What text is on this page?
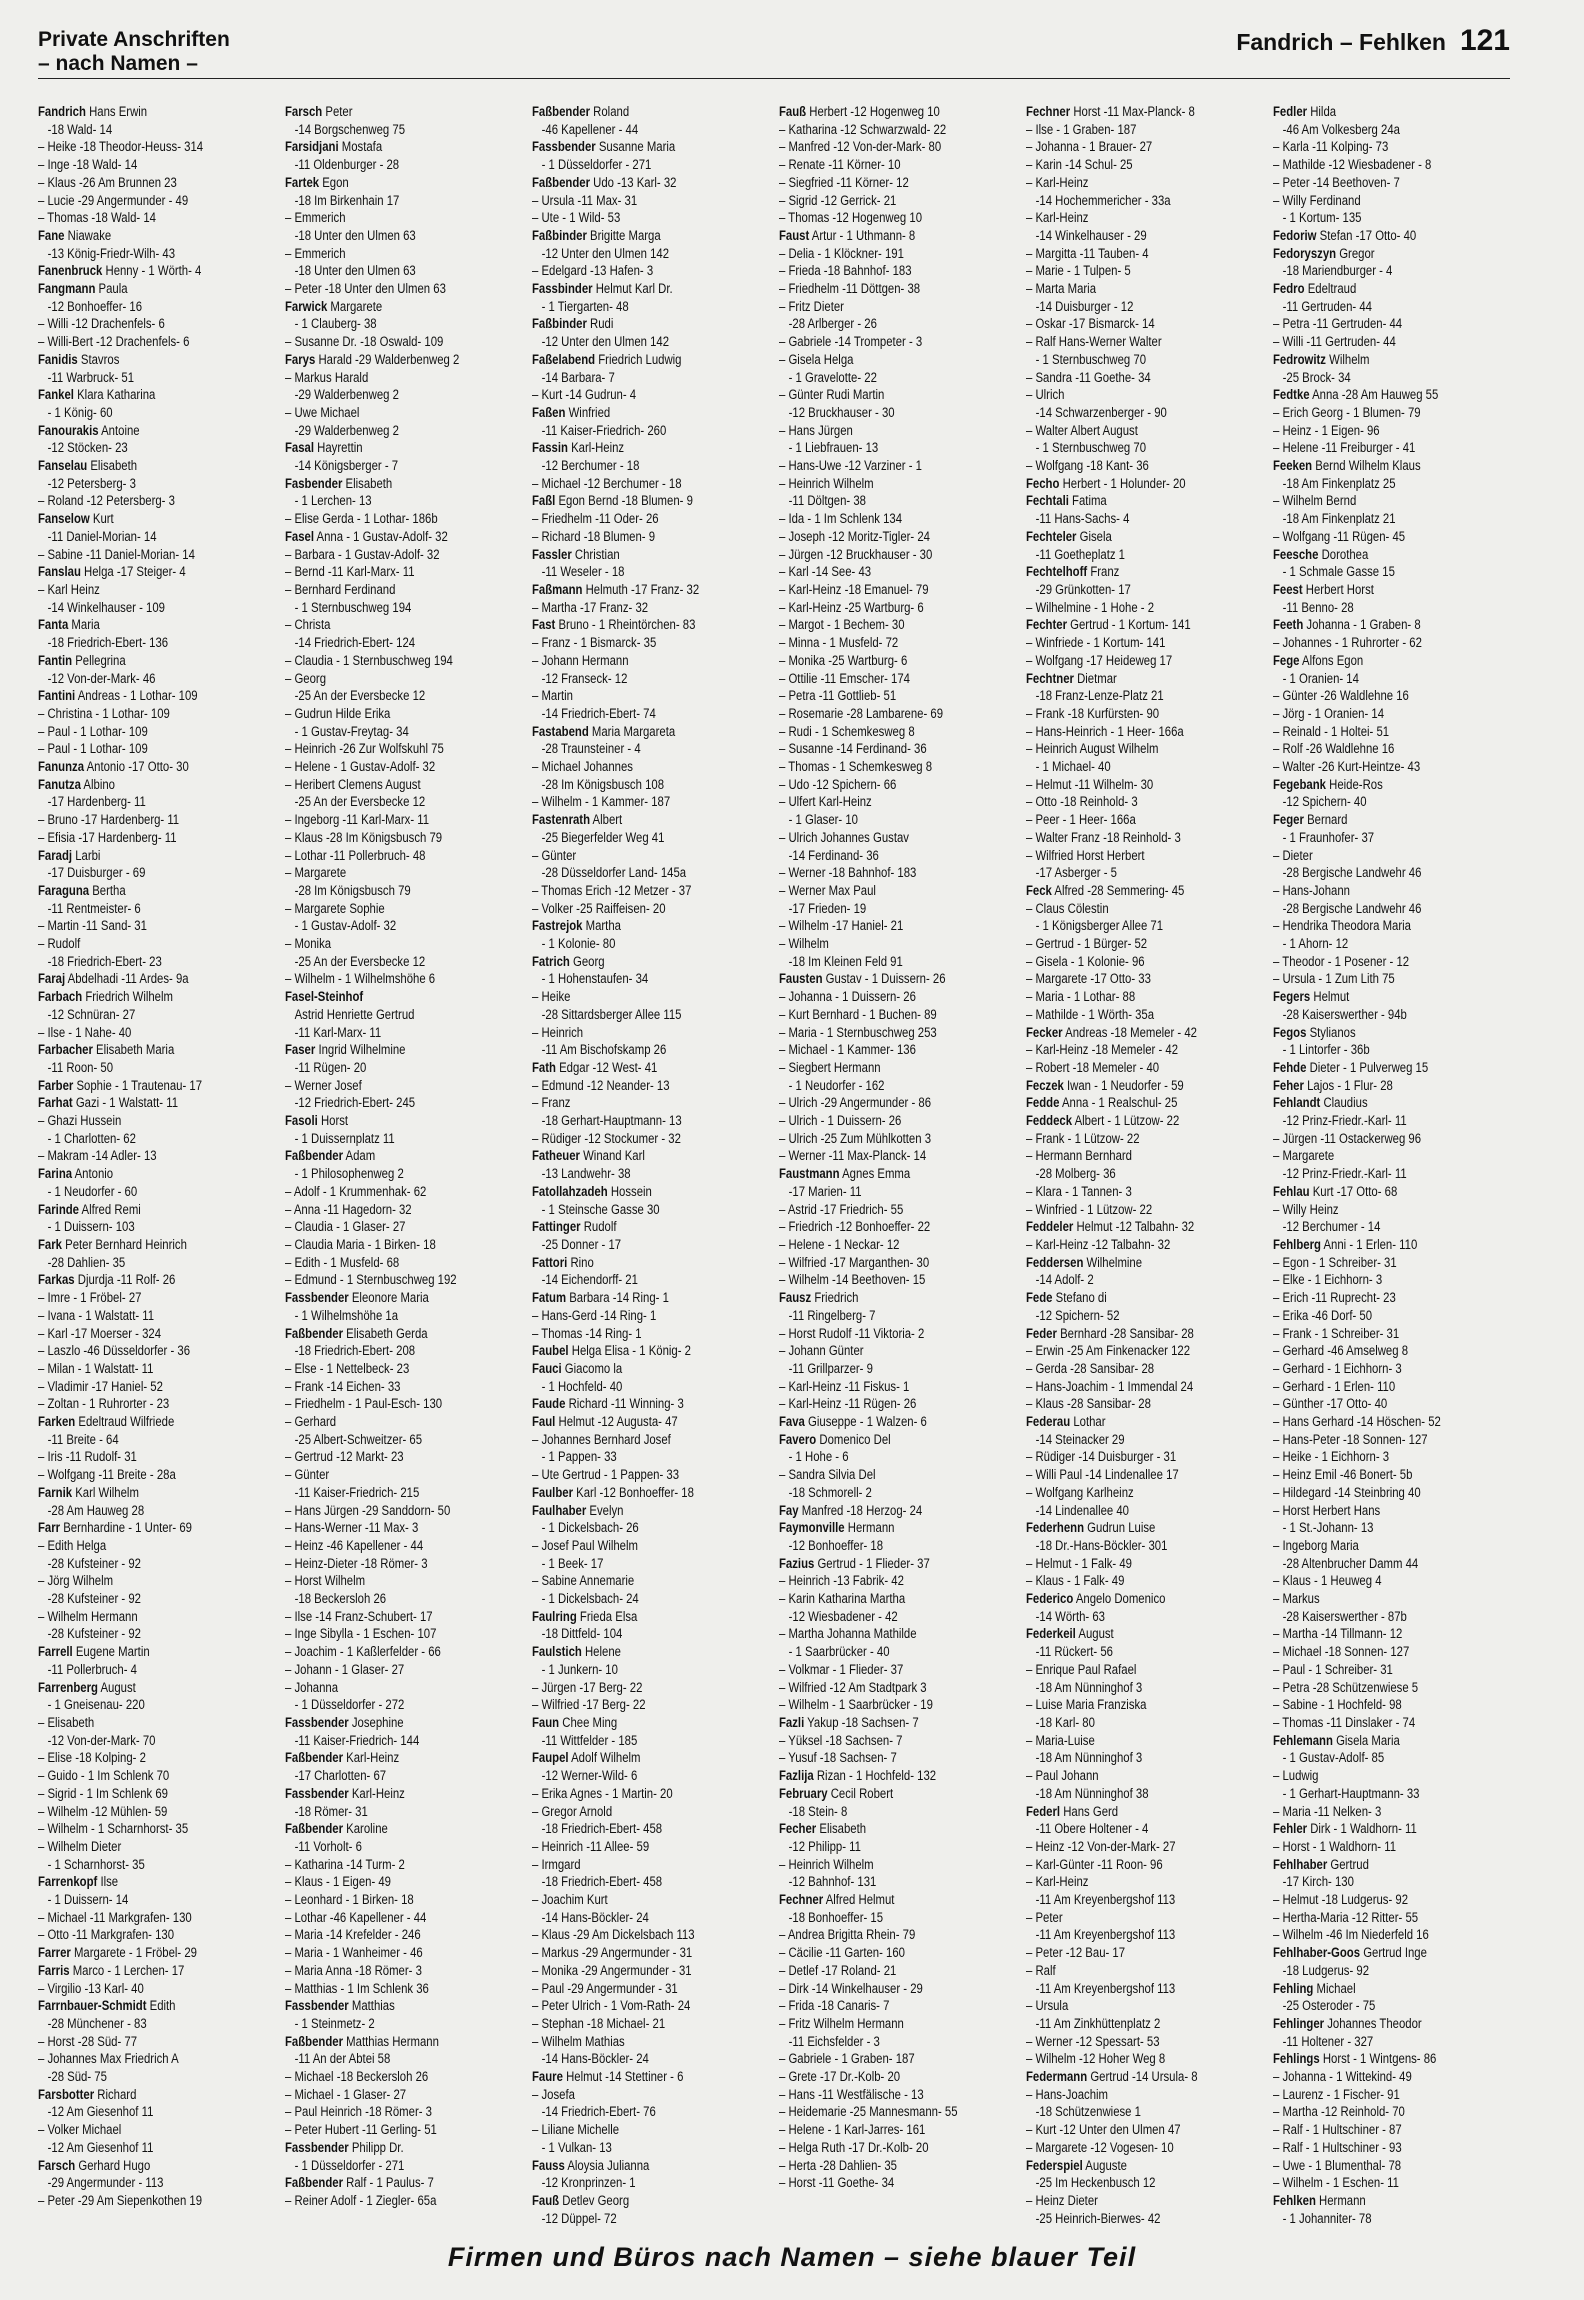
Private Anschriften
– nach Namen –
Fandrich – Fehlken 121
Fandrich Hans Erwin
-18 Wald- 14
– Heike -18 Theodor-Heuss- 314
– Inge -18 Wald- 14
– Klaus -26 Am Brunnen 23
– Lucie -29 Angermunder - 49
– Thomas -18 Wald- 14
Fane Niawake
-13 König-Friedr-Wilh- 43
Fanenbruck Henny - 1 Wörth- 4
Fangmann Paula
-12 Bonhoeffer- 16
– Willi -12 Drachenfels- 6
– Willi-Bert -12 Drachenfels- 6
Fanidis Stavros
-11 Warbruck- 51
Fankel Klara Katharina
- 1 König- 60
Fanourakis Antoine
-12 Stöcken- 23
Fanselau Elisabeth
-12 Petersberg- 3
– Roland -12 Petersberg- 3
Fanselow Kurt
-11 Daniel-Morian- 14
– Sabine -11 Daniel-Morian- 14
Fanslau Helga -17 Steiger- 4
– Karl Heinz
-14 Winkelhauser - 109
Fanta Maria
-18 Friedrich-Ebert- 136
Fantin Pellegrina
-12 Von-der-Mark- 46
Fantini Andreas - 1 Lothar- 109
– Christina - 1 Lothar- 109
– Paul - 1 Lothar- 109
– Paul - 1 Lothar- 109
Fanunza Antonio -17 Otto- 30
Fanutza Albino
-17 Hardenberg- 11
– Bruno -17 Hardenberg- 11
– Efisia -17 Hardenberg- 11
Faradj Larbi
-17 Duisburger - 69
Faraguna Bertha
-11 Rentmeister- 6
– Martin -11 Sand- 31
– Rudolf
-18 Friedrich-Ebert- 23
Faraj Abdelhadi -11 Ardes- 9a
Farbach Friedrich Wilhelm
-12 Schnüran- 27
– Ilse - 1 Nahe- 40
Farbacher Elisabeth Maria
-11 Roon- 50
Farber Sophie - 1 Trautenau- 17
Farhat Gazi - 1 Walstatt- 11
– Ghazi Hussein
- 1 Charlotten- 62
– Makram -14 Adler- 13
Farina Antonio
- 1 Neudorfer - 60
Farinde Alfred Remi
- 1 Duissern- 103
Fark Peter Bernhard Heinrich
-28 Dahlien- 35
Farkas Djurdja -11 Rolf- 26
– Imre - 1 Fröbel- 27
– Ivana - 1 Walstatt- 11
– Karl -17 Moerser - 324
– Laszlo -46 Düsseldorfer - 36
– Milan - 1 Walstatt- 11
– Vladimir -17 Haniel- 52
– Zoltan - 1 Ruhrorter - 23
Farken Edeltraud Wilfriede
-11 Breite - 64
– Iris -11 Rudolf- 31
– Wolfgang -11 Breite - 28a
Farnik Karl Wilhelm
-28 Am Hauweg 28
Farr Bernhardine - 1 Unter- 69
– Edith Helga
-28 Kufsteiner - 92
– Jörg Wilhelm
-28 Kufsteiner - 92
– Wilhelm Hermann
-28 Kufsteiner - 92
Farrell Eugene Martin
-11 Pollerbruch- 4
Farrenberg August
- 1 Gneisenau- 220
– Elisabeth
-12 Von-der-Mark- 70
– Elise -18 Kolping- 2
– Guido - 1 Im Schlenk 70
– Sigrid - 1 Im Schlenk 69
– Wilhelm -12 Mühlen- 59
– Wilhelm - 1 Scharnhorst- 35
– Wilhelm Dieter
- 1 Scharnhorst- 35
Farrenkopf Ilse
- 1 Duissern- 14
– Michael -11 Markgrafen- 130
– Otto -11 Markgrafen- 130
Farrer Margarete - 1 Fröbel- 29
Farris Marco - 1 Lerchen- 17
– Virgilio -13 Karl- 40
Farrnbauer-Schmidt Edith
-28 Münchener - 83
– Horst -28 Süd- 77
– Johannes Max Friedrich A
-28 Süd- 75
Farsbotter Richard
-12 Am Giesenhof 11
– Volker Michael
-12 Am Giesenhof 11
Farsch Gerhard Hugo
-29 Angermunder - 113
– Peter -29 Am Siepenkothen 19
Farsch Peter
-14 Borgschenweg 75
Farsidjani Mostafa
-11 Oldenburger - 28
Fartek Egon
-18 Im Birkenhain 17
– Emmerich
-18 Unter den Ulmen 63
– Emmerich
-18 Unter den Ulmen 63
– Peter -18 Unter den Ulmen 63
Farwick Margarete
- 1 Clauberg- 38
– Susanne Dr. -18 Oswald- 109
Farys Harald -29 Walderbenweg 2
– Markus Harald
-29 Walderbenweg 2
– Uwe Michael
-29 Walderbenweg 2
Fasal Hayrettin
-14 Königsberger - 7
Fasbender Elisabeth
- 1 Lerchen- 13
– Elise Gerda - 1 Lothar- 186b
Fasel Anna - 1 Gustav-Adolf- 32
– Barbara - 1 Gustav-Adolf- 32
– Bernd -11 Karl-Marx- 11
– Bernhard Ferdinand
- 1 Sternbuschweg 194
– Christa
-14 Friedrich-Ebert- 124
– Claudia - 1 Sternbuschweg 194
– Georg
-25 An der Eversbecke 12
– Gudrun Hilde Erika
- 1 Gustav-Freytag- 34
– Heinrich -26 Zur Wolfskuhl 75
– Helene - 1 Gustav-Adolf- 32
– Heribert Clemens August
-25 An der Eversbecke 12
– Ingeborg -11 Karl-Marx- 11
– Klaus -28 Im Königsbusch 79
– Lothar -11 Pollerbruch- 48
– Margarete
-28 Im Königsbusch 79
– Margarete Sophie
- 1 Gustav-Adolf- 32
– Monika
-25 An der Eversbecke 12
– Wilhelm - 1 Wilhelmshöhe 6
Fasel-Steinhof
Astrid Henriette Gertrud
-11 Karl-Marx- 11
Faser Ingrid Wilhelmine
-11 Rügen- 20
– Werner Josef
-12 Friedrich-Ebert- 245
Fasoli Horst
- 1 Duissernplatz 11
Faßbender Adam
- 1 Philosophenweg 2
– Adolf - 1 Krummenhak- 62
– Anna -11 Hagedorn- 32
– Claudia - 1 Glaser- 27
– Claudia Maria - 1 Birken- 18
– Edith - 1 Musfeld- 68
– Edmund - 1 Sternbuschweg 192
Fassbender Eleonore Maria
- 1 Wilhelmshöhe 1a
Faßbender Elisabeth Gerda
-18 Friedrich-Ebert- 208
– Else - 1 Nettelbeck- 23
– Frank -14 Eichen- 33
– Friedhelm - 1 Paul-Esch- 130
– Gerhard
-25 Albert-Schweitzer- 65
– Gertrud -12 Markt- 23
– Günter
-11 Kaiser-Friedrich- 215
– Hans Jürgen -29 Sanddorn- 50
– Hans-Werner -11 Max- 3
– Heinz -46 Kapellener - 44
– Heinz-Dieter -18 Römer- 3
– Horst Wilhelm
-18 Beckersloh 26
– Ilse -14 Franz-Schubert- 17
– Inge Sibylla - 1 Eschen- 107
– Joachim - 1 Kaßlerfelder - 66
– Johann - 1 Glaser- 27
– Johanna
- 1 Düsseldorfer - 272
Fassbender Josephine
-11 Kaiser-Friedrich- 144
Faßbender Karl-Heinz
-17 Charlotten- 67
Fassbender Karl-Heinz
-18 Römer- 31
Faßbender Karoline
-11 Vorholt- 6
– Katharina -14 Turm- 2
– Klaus - 1 Eigen- 49
– Leonhard - 1 Birken- 18
– Lothar -46 Kapellener - 44
– Maria -14 Krefelder - 246
– Maria - 1 Wanheimer - 46
– Maria Anna -18 Römer- 3
– Matthias - 1 Im Schlenk 36
Fassbender Matthias
- 1 Steinmetz- 2
Faßbender Matthias Hermann
-11 An der Abtei 58
– Michael -18 Beckersloh 26
– Michael - 1 Glaser- 27
– Paul Heinrich -18 Römer- 3
– Peter Hubert -11 Gerling- 51
Fassbender Philipp Dr.
- 1 Düsseldorfer - 271
Faßbender Ralf - 1 Paulus- 7
– Reiner Adolf - 1 Ziegler- 65a
Faßbender Roland
-46 Kapellener - 44
Fassbender Susanne Maria
- 1 Düsseldorfer - 271
Faßbender Udo -13 Karl- 32
– Ursula -11 Max- 31
– Ute - 1 Wild- 53
Faßbinder Brigitte Marga
-12 Unter den Ulmen 142
– Edelgard -13 Hafen- 3
Fassbinder Helmut Karl Dr.
- 1 Tiergarten- 48
Faßbinder Rudi
-12 Unter den Ulmen 142
Faßelabend Friedrich Ludwig
-14 Barbara- 7
– Kurt -14 Gudrun- 4
Faßen Winfried
-11 Kaiser-Friedrich- 260
Fassin Karl-Heinz
-12 Berchumer - 18
– Michael -12 Berchumer - 18
Faßl Egon Bernd -18 Blumen- 9
– Friedhelm -11 Oder- 26
– Richard -18 Blumen- 9
Fassler Christian
-11 Weseler - 18
Faßmann Helmuth -17 Franz- 32
– Martha -17 Franz- 32
Fast Bruno - 1 Rheintörchen- 83
– Franz - 1 Bismarck- 35
– Johann Hermann
-12 Franseck- 12
– Martin
-14 Friedrich-Ebert- 74
Fastabend Maria Margareta
-28 Traunsteiner - 4
– Michael Johannes
-28 Im Königsbusch 108
– Wilhelm - 1 Kammer- 187
Fastenrath Albert
-25 Biegerfelder Weg 41
– Günter
-28 Düsseldorfer Land- 145a
– Thomas Erich -12 Metzer - 37
– Volker -25 Raiffeisen- 20
Fastrejok Martha
- 1 Kolonie- 80
Fatrich Georg
- 1 Hohenstaufen- 34
– Heike
-28 Sittardsberger Allee 115
– Heinrich
-11 Am Bischofskamp 26
Fath Edgar -12 West- 41
– Edmund -12 Neander- 13
– Franz
-18 Gerhart-Hauptmann- 13
– Rüdiger -12 Stockumer - 32
Fatheuer Winand Karl
-13 Landwehr- 38
Fatollahzadeh Hossein
- 1 Steinsche Gasse 30
Fattinger Rudolf
-25 Donner - 17
Fattori Rino
-14 Eichendorff- 21
Fatum Barbara -14 Ring- 1
– Hans-Gerd -14 Ring- 1
– Thomas -14 Ring- 1
Faubel Helga Elisa - 1 König- 2
Fauci Giacomo la
- 1 Hochfeld- 40
Faude Richard -11 Winning- 3
Faul Helmut -12 Augusta- 47
– Johannes Bernhard Josef
- 1 Pappen- 33
– Ute Gertrud - 1 Pappen- 33
Faulber Karl -12 Bonhoeffer- 18
Faulhaber Evelyn
- 1 Dickelsbach- 26
– Josef Paul Wilhelm
- 1 Beek- 17
– Sabine Annemarie
- 1 Dickelsbach- 24
Faulring Frieda Elsa
-18 Dittfeld- 104
Faulstich Helene
- 1 Junkern- 10
– Jürgen -17 Berg- 22
– Wilfried -17 Berg- 22
Faun Chee Ming
-11 Wittfelder - 185
Faupel Adolf Wilhelm
-12 Werner-Wild- 6
– Erika Agnes - 1 Martin- 20
– Gregor Arnold
-18 Friedrich-Ebert- 458
– Heinrich -11 Allee- 59
– Irmgard
-18 Friedrich-Ebert- 458
– Joachim Kurt
-14 Hans-Böckler- 24
– Klaus -29 Am Dickelsbach 113
– Markus -29 Angermunder - 31
– Monika -29 Angermunder - 31
– Paul -29 Angermunder - 31
– Peter Ulrich - 1 Vom-Rath- 24
– Stephan -18 Michael- 21
– Wilhelm Mathias
-14 Hans-Böckler- 24
Faure Helmut -14 Stettiner - 6
– Josefa
-14 Friedrich-Ebert- 76
– Liliane Michelle
- 1 Vulkan- 13
Fauss Aloysia Julianna
-12 Kronprinzen- 1
Fauß Detlev Georg
-12 Düppel- 72
Fauß Herbert -12 Hogenweg 10
– Katharina -12 Schwarzwald- 22
– Manfred -12 Von-der-Mark- 80
– Renate -11 Körner- 10
– Siegfried -11 Körner- 12
– Sigrid -12 Gerrick- 21
– Thomas -12 Hogenweg 10
Faust Artur - 1 Uthmann- 8
– Delia - 1 Klöckner- 191
– Frieda -18 Bahnhof- 183
– Friedhelm -11 Döttgen- 38
– Fritz Dieter
-28 Arlberger - 26
– Gabriele -14 Trompeter - 3
– Gisela Helga
- 1 Gravelotte- 22
– Günter Rudi Martin
-12 Bruckhauser - 30
– Hans Jürgen
- 1 Liebfrauen- 13
– Hans-Uwe -12 Varziner - 1
– Heinrich Wilhelm
-11 Döltgen- 38
– Ida - 1 Im Schlenk 134
– Joseph -12 Moritz-Tigler- 24
– Jürgen -12 Bruckhauser - 30
– Karl -14 See- 43
– Karl-Heinz -18 Emanuel- 79
– Karl-Heinz -25 Wartburg- 6
– Margot - 1 Bechem- 30
– Minna - 1 Musfeld- 72
– Monika -25 Wartburg- 6
– Ottilie -11 Emscher- 174
– Petra -11 Gottlieb- 51
– Rosemarie -28 Lambarene- 69
– Rudi - 1 Schemkesweg 8
– Susanne -14 Ferdinand- 36
– Thomas - 1 Schemkesweg 8
– Udo -12 Spichern- 66
– Ulfert Karl-Heinz
- 1 Glaser- 10
– Ulrich Johannes Gustav
-14 Ferdinand- 36
– Werner -18 Bahnhof- 183
– Werner Max Paul
-17 Frieden- 19
– Wilhelm -17 Haniel- 21
– Wilhelm
-18 Im Kleinen Feld 91
Fausten Gustav - 1 Duissern- 26
– Johanna - 1 Duissern- 26
– Kurt Bernhard - 1 Buchen- 89
– Maria - 1 Sternbuschweg 253
– Michael - 1 Kammer- 136
– Siegbert Hermann
- 1 Neudorfer - 162
– Ulrich -29 Angermunder - 86
– Ulrich - 1 Duissern- 26
– Ulrich -25 Zum Mühlkotten 3
– Werner -11 Max-Planck- 14
Faustmann Agnes Emma
-17 Marien- 11
– Astrid -17 Friedrich- 55
– Friedrich -12 Bonhoeffer- 22
– Helene - 1 Neckar- 12
– Wilfried -17 Marganthen- 30
– Wilhelm -14 Beethoven- 15
Fausz Friedrich
-11 Ringelberg- 7
– Horst Rudolf -11 Viktoria- 2
– Johann Günter
-11 Grillparzer- 9
– Karl-Heinz -11 Fiskus- 1
– Karl-Heinz -11 Rügen- 26
Fava Giuseppe - 1 Walzen- 6
Favero Domenico Del
- 1 Hohe - 6
– Sandra Silvia Del
-18 Schmorell- 2
Fay Manfred -18 Herzog- 24
Faymonville Hermann
-12 Bonhoeffer- 18
Fazius Gertrud - 1 Flieder- 37
– Heinrich -13 Fabrik- 42
– Karin Katharina Martha
-12 Wiesbadener - 42
– Martha Johanna Mathilde
- 1 Saarbrücker - 40
– Volkmar - 1 Flieder- 37
– Wilfried -12 Am Stadtpark 3
– Wilhelm - 1 Saarbrücker - 19
Fazli Yakup -18 Sachsen- 7
– Yüksel -18 Sachsen- 7
– Yusuf -18 Sachsen- 7
Fazlija Rizan - 1 Hochfeld- 132
February Cecil Robert
-18 Stein- 8
Fecher Elisabeth
-12 Philipp- 11
– Heinrich Wilhelm
-12 Bahnhof- 131
Fechner Alfred Helmut
-18 Bonhoeffer- 15
– Andrea Brigitta Rhein- 79
– Cäcilie -11 Garten- 160
– Detlef -17 Roland- 21
– Dirk -14 Winkelhauser - 29
– Frida -18 Canaris- 7
– Fritz Wilhelm Hermann
-11 Eichsfelder - 3
– Gabriele - 1 Graben- 187
– Grete -17 Dr.-Kolb- 20
– Hans -11 Westfälische - 13
– Heidemarie -25 Mannesmann- 55
– Helene - 1 Karl-Jarres- 161
– Helga Ruth -17 Dr.-Kolb- 20
– Herta -28 Dahlien- 35
– Horst -11 Goethe- 34
Fechner Horst -11 Max-Planck- 8
– Ilse - 1 Graben- 187
– Johanna - 1 Brauer- 27
– Karin -14 Schul- 25
– Karl-Heinz
-14 Hochemmericher - 33a
– Karl-Heinz
-14 Winkelhauser - 29
– Margitta -11 Tauben- 4
– Marie - 1 Tulpen- 5
– Marta Maria
-14 Duisburger - 12
– Oskar -17 Bismarck- 14
– Ralf Hans-Werner Walter
- 1 Sternbuschweg 70
– Sandra -11 Goethe- 34
– Ulrich
-14 Schwarzenberger - 90
– Walter Albert August
- 1 Sternbuschweg 70
– Wolfgang -18 Kant- 36
Fecho Herbert - 1 Holunder- 20
Fechtali Fatima
-11 Hans-Sachs- 4
Fechteler Gisela
-11 Goetheplatz 1
Fechtelhoff Franz
-29 Grünkotten- 17
– Wilhelmine - 1 Hohe - 2
Fechter Gertrud - 1 Kortum- 141
– Winfriede - 1 Kortum- 141
– Wolfgang -17 Heideweg 17
Fechtner Dietmar
-18 Franz-Lenze-Platz 21
– Frank -18 Kurfürsten- 90
– Hans-Heinrich - 1 Heer- 166a
– Heinrich August Wilhelm
- 1 Michael- 40
– Helmut -11 Wilhelm- 30
– Otto -18 Reinhold- 3
– Peer - 1 Heer- 166a
– Walter Franz -18 Reinhold- 3
– Wilfried Horst Herbert
-17 Asberger - 5
Feck Alfred -28 Semmering- 45
– Claus Cölestin
- 1 Königsberger Allee 71
– Gertrud - 1 Bürger- 52
– Gisela - 1 Kolonie- 96
– Margarete -17 Otto- 33
– Maria - 1 Lothar- 88
– Mathilde - 1 Wörth- 35a
Fecker Andreas -18 Memeler - 42
– Karl-Heinz -18 Memeler - 42
– Robert -18 Memeler - 40
Feczek Iwan - 1 Neudorfer - 59
Fedde Anna - 1 Realschul- 25
Feddeck Albert - 1 Lützow- 22
– Frank - 1 Lützow- 22
– Hermann Bernhard
-28 Molberg- 36
– Klara - 1 Tannen- 3
– Winfried - 1 Lützow- 22
Feddeler Helmut -12 Talbahn- 32
– Karl-Heinz -12 Talbahn- 32
Feddersen Wilhelmine
-14 Adolf- 2
Fede Stefano di
-12 Spichern- 52
Feder Bernhard -28 Sansibar- 28
– Erwin -25 Am Finkenacker 122
– Gerda -28 Sansibar- 28
– Hans-Joachim - 1 Immendal 24
– Klaus -28 Sansibar- 28
Federau Lothar
-14 Steinacker 29
– Rüdiger -14 Duisburger - 31
– Willi Paul -14 Lindenallee 17
– Wolfgang Karlheinz
-14 Lindenallee 40
Federhenn Gudrun Luise
-18 Dr.-Hans-Böckler- 301
– Helmut - 1 Falk- 49
– Klaus - 1 Falk- 49
Federico Angelo Domenico
-14 Wörth- 63
Federkeil August
-11 Rückert- 56
– Enrique Paul Rafael
-18 Am Nünninghof 3
– Luise Maria Franziska
-18 Karl- 80
– Maria-Luise
-18 Am Nünninghof 3
– Paul Johann
-18 Am Nünninghof 38
Federl Hans Gerd
-11 Obere Holtener - 4
– Heinz -12 Von-der-Mark- 27
– Karl-Günter -11 Roon- 96
– Karl-Heinz
-11 Am Kreyenbergshof 113
– Peter
-11 Am Kreyenbergshof 113
– Peter -12 Bau- 17
– Ralf
-11 Am Kreyenbergshof 113
– Ursula
-11 Am Zinkhüttenplatz 2
– Werner -12 Spessart- 53
– Wilhelm -12 Hoher Weg 8
Federmann Gertrud -14 Ursula- 8
– Hans-Joachim
-18 Schützenwiese 1
– Kurt -12 Unter den Ulmen 47
– Margarete -12 Vogesen- 10
Federspiel Auguste
-25 Im Heckenbusch 12
– Heinz Dieter
-25 Heinrich-Bierwes- 42
Fedler Hilda
-46 Am Volkesberg 24a
– Karla -11 Kolping- 73
– Mathilde -12 Wiesbadener - 8
– Peter -14 Beethoven- 7
– Willy Ferdinand
- 1 Kortum- 135
Fedoriw Stefan -17 Otto- 40
Fedoryszyn Gregor
-18 Mariendburger - 4
Fedro Edeltraud
-11 Gertruden- 44
– Petra -11 Gertruden- 44
– Willi -11 Gertruden- 44
Fedrowitz Wilhelm
-25 Brock- 34
Fedtke Anna -28 Am Hauweg 55
– Erich Georg - 1 Blumen- 79
– Heinz - 1 Eigen- 96
– Helene -11 Freiburger - 41
Feeken Bernd Wilhelm Klaus
-18 Am Finkenplatz 25
– Wilhelm Bernd
-18 Am Finkenplatz 21
– Wolfgang -11 Rügen- 45
Feesche Dorothea
- 1 Schmale Gasse 15
Feest Herbert Horst
-11 Benno- 28
Feeth Johanna - 1 Graben- 8
– Johannes - 1 Ruhrorter - 62
Fege Alfons Egon
- 1 Oranien- 14
– Günter -26 Waldlehne 16
– Jörg - 1 Oranien- 14
– Reinald - 1 Holtei- 51
– Rolf -26 Waldlehne 16
– Walter -26 Kurt-Heintze- 43
Fegebank Heide-Ros
-12 Spichern- 40
Feger Bernard
- 1 Fraunhofer- 37
– Dieter
-28 Bergische Landwehr 46
– Hans-Johann
-28 Bergische Landwehr 46
– Hendrika Theodora Maria
- 1 Ahorn- 12
– Theodor - 1 Posener - 12
– Ursula - 1 Zum Lith 75
Fegers Helmut
-28 Kaiserswerther - 94b
Fegos Stylianos
- 1 Lintorfer - 36b
Fehde Dieter - 1 Pulverweg 15
Feher Lajos - 1 Flur- 28
Fehlandt Claudius
-12 Prinz-Friedr.-Karl- 11
– Jürgen -11 Ostackerweg 96
– Margarete
-12 Prinz-Friedr.-Karl- 11
Fehlau Kurt -17 Otto- 68
– Willy Heinz
-12 Berchumer - 14
Fehlberg Anni - 1 Erlen- 110
– Egon - 1 Schreiber- 31
– Elke - 1 Eichhorn- 3
– Erich -11 Ruprecht- 23
– Erika -46 Dorf- 50
– Frank - 1 Schreiber- 31
– Gerhard -46 Amselweg 8
– Gerhard - 1 Eichhorn- 3
– Gerhard - 1 Erlen- 110
– Günther -17 Otto- 40
– Hans Gerhard -14 Höschen- 52
– Hans-Peter -18 Sonnen- 127
– Heike - 1 Eichhorn- 3
– Heinz Emil -46 Bonert- 5b
– Hildegard -14 Steinbring 40
– Horst Herbert Hans
- 1 St.-Johann- 13
– Ingeborg Maria
-28 Altenbrucher Damm 44
– Klaus - 1 Heuweg 4
– Markus
-28 Kaiserswerther - 87b
– Martha -14 Tillmann- 12
– Michael -18 Sonnen- 127
– Paul - 1 Schreiber- 31
– Petra -28 Schützenwiese 5
– Sabine - 1 Hochfeld- 98
– Thomas -11 Dinslaker - 74
Fehlemann Gisela Maria
- 1 Gustav-Adolf- 85
– Ludwig
- 1 Gerhart-Hauptmann- 33
– Maria -11 Nelken- 3
Fehler Dirk - 1 Waldhorn- 11
– Horst - 1 Waldhorn- 11
Fehlhaber Gertrud
-17 Kirch- 130
– Helmut -18 Ludgerus- 92
– Hertha-Maria -12 Ritter- 55
– Wilhelm -46 Im Niederfeld 16
Fehlhaber-Goos Gertrud Inge
-18 Ludgerus- 92
Fehling Michael
-25 Osteroder - 75
Fehlinger Johannes Theodor
-11 Holtener - 327
Fehlings Horst - 1 Wintgens- 86
– Johanna - 1 Wittekind- 49
– Laurenz - 1 Fischer- 91
– Martha -12 Reinhold- 70
– Ralf - 1 Hultschiner - 87
– Ralf - 1 Hultschiner - 93
– Uwe - 1 Blumenthal- 78
– Wilhelm - 1 Eschen- 11
Fehlken Hermann
- 1 Johanniter- 78
Firmen und Büros nach Namen – siehe blauer Teil
